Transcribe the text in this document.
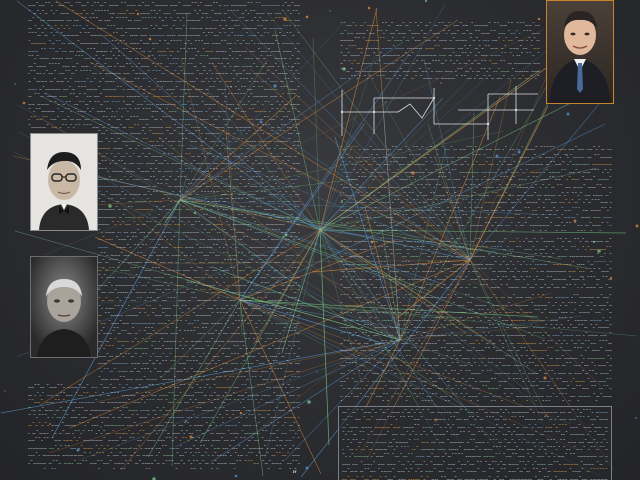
‒‒ˉ‑‒ˉˉ‑ ˉ‒‐ˉˉ– ¯ˉ–‑¯ ‑¯¯‐‐¯ ‒‐‒ ˉ¯–‒‑ ‒¯–‐ ¯‑–‐‒‐ ‑‑‒¯ ‑‑‑‑ˉ¯‐ˉ ‐‒‐ˉ¯– ‐– ‒‑–‐‑–¯¯ ¯ˉ‒–‒––‑ ‐ˉ‒¯‒‐¯ –¯‑¯– ¯‑ˉ ‒‑– ˉ‐––¯– –¯¯¯¯ˉ‐‒ ‐‒‐¯‑‐‑ˉ ‐‒‒¯¯‑¯ ‑–‐ ¯‐‒‐–‑‑ ˉ‐ˉ–‒ ˉ‒‒ –ˉˉ¯¯ –ˉ‑ˉ¯––– –‑ –‒ˉ ¯‐ˉˉ‐ ‒ˉ ¯‑– ‒–‒‑‑‐ ‐‒ ‐– ˉˉ‐¯¯ˉ‑‑ ‐‐‑ˉ ˉ¯¯¯‐‐ ‐–‐¯ˉˉ¯ˉ ˉ–¯ ˉ‑‐¯‑¯ ‐‐‒‑‒¯ ˉ¯–‒ –‐ ¯‒‒¯ˉ‒ –ˉ‑ˉ–‒ ‑‑ˉˉˉ‑–– ‑‒‒ ˉ‒¯–ˉ‐ ˉ–¯‑ˉ‐ ˉ¯¯‒ˉ–– ––‒¯¯¯‒‒ ‑–‒‐‒ –‑ ˉ‑ˉ‐‑¯ˉ ‑ˉ‒–ˉ‑ ‐‐––– ‒‑–– ¯–ˉ‒‐¯ˉ ‒‑‐–‒ˉˉ‒ ‒‐‒‒¯¯ˉ ˉˉˉ¯ˉ‒ˉ‒ ¯‑ˉ ˉ–‒‒–‑ˉ ¯ˉ‒‑‐‐‑ ‐‐‒ˉˉ ‑‑¯ ‑‑‑‑ –‐‑ ‐‐‐––– –‑‐‐ ‒‒–‒‐‒‑ ˉ‐¯ˉ–‑ˉ ¯‒¯––‒ ˉ‑‒‑ˉ‒ˉˉ ‒–ˉ‑‑ˉˉ– ¯ˉ‑‒‑‑‐– ¯‒ˉ¯‑‑ ‐‐– ¯–‒‑‐‒‒ ‐‑‑‑ ¯¯‐ˉ¯‑ –‒–¯–‒ ‒–ˉ ˉ–ˉ¯ˉ¯ –¯‐ ¯ˉˉ–– –‒‐ˉˉ‑– ‑ˉ–¯–‐ˉ‐ ‐‑‑–‒‒¯‐ –‐‑–‑ ‒–‑‐– ¯ˉ ˉ¯‒ˉ‐– –‑ ‐‑‒ ˉˉ¯‒‒‑‐ ‑¯¯‐ ˉ¯‒¯¯ˉ‑‑ ‐‐ˉ ‑–‒ˉ‑– –¯ˉ‑¯¯¯– ˉ–‐– ‒‐–‐ ˉ–‐‑‑–– ‒‑ ¯‑–‐ˉ‒‐‒ –‒‑ ¯– ˉˉ‑¯–‒– ‒––‑ ‑‑– ˉ¯ˉ–‐‐ ‐ˉ‑ ¯‑–‐¯‑ˉ ˉ‐‑– ‑‐ ‐‒‑ ˉ‑ ˉˉ¯‐¯‐‐– –‑ ––ˉ ˉ¯ˉ‑‑–‐‐ ‑‑‑ˉ‐ –ˉ –‒– ‑‐¯–¯¯ ‒‑–‒ ‑¯ ‒‑–¯‑‒‑‐ ¯ˉ¯¯ ‑‑– ‐‑¯ ‒‒ ˉ‑¯–‑¯–‐ ‑¯––¯¯‑ ‐ˉ‑‒– ¯‑ˉ¯ ‒ˉˉˉ‑‑ˉ ¯ˉ‒ ¯‒ ˉˉ–ˉˉ–ˉ‐ ‒‐ ‑–‐‒¯– ‒¯–‒¯‐ –ˉ‐ ‑ˉˉ‐¯ˉ–‑ ‐ˉ‐–¯ ‑‑‑ˉˉ‒ˉ ˉˉˉ¯–‑ –ˉ‒‑‐–‑– –‒ ¯‒–‐–¯ ¯¯¯‒ˉ ‒¯–¯‐‐–‒ ¯‐‑ˉ‐¯‑ ‐‒–‐‐ ‑¯–‒ˉ‒‑ ‑‒–‐‐ˉ –¯‐‑‑‐‑ ¯‐ˉ‐– ¯‐‐‒– ‒¯‒‒¯‑¯ ‐‒‐‒ˉ‑‐ˉ –¯‑‑‒‐ˉ¯ ˉ‒‑‐¯ˉ ˉˉ– ˉ––‑‑–– –‑‑–‑ ‐‑‑ˉ ‐‐¯‑¯–¯– ‒‑‑ˉ ‐ˉˉˉ‑¯–‐ ‒‐ˉ‑‒‑ ‒¯¯‒ˉ¯ ‒–‐ –¯‐––‐‑– ‒‐ˉ‒ ˉˉ¯‐‒‐–ˉ ‒‐‑‐‒ˉˉ‐ ‒‒¯‑¯– ˉ–‐ˉ‐¯ –‒‑ˉ ‐‒‐‒ˉ‒‐‐ ‒¯¯ ‑‑‑–¯ˉ ¯–ˉˉ‐‒ˉ ¯¯‒‐–‐– ¯¯¯‒‑‑ˉ‒ ¯ˉ‒¯‐‐‑‒ ––‐ ˉˉ–ˉ ˉ‐– ‒‐ˉ ‒‒‒‑–– ‑‒‑‐‒ ˉ‑¯ ‒‒‒‒‐ˉ‒ ‑–¯‒‒‒ ‑ˉˉ––‒ ˉ–¯¯¯¯ˉˉ ‐¯–‒‒‐‑ ‒‒ ‐¯ ¯¯¯ ‐–‒ ‒‒‐‑ˉ ˉ– –ˉˉ ‐–¯ˉ‒ˉ ˉˉ–ˉ¯ ¯ˉ¯ ¯‒‑¯ –‒¯‐–‐ ‒–‑‑‒–‐ ˉ‐‒ˉ‐–‒ ˉ‐‑‒‒¯ ‐¯‐‒‑ ‐ˉ‒‑ˉ‐‒ˉ ‐¯ˉ‒ ¯‑¯‑‑ ‑‒‒ˉ ‑ˉˉ‒‑‒‒ ¯‐‑¯¯‐ ˉ‐‒–ˉ‐¯ –‒‐ˉˉ‑ ‐ˉ¯¯‑¯ ¯ˉ ¯¯ˉ–‐‑¯‐ ˉ‑‒‑ˉ ‑–‐¯‒‐–‑ –¯ ‐–‑‑‒ ¯–¯ˉ‒‑ ¯¯–‑‐‐– ‐ˉ ˉ–‑¯‒ˉ¯– ‐¯ˉ––¯¯ ‑‑‑ˉ ‐–¯‐‑ ‑–ˉ‒‑ ‒‒ ˉˉ‐ˉ¯‐‐ˉ ‑‐¯ˉ¯––‒ ˉ‒ ‑¯ˉˉ‒‑ ‐–‑‐‐‑‐ˉ –‒‐ ˉ‒ˉ ‐‑‒¯ ‐–¯ˉ‐‐‐ ‐‑‒ˉ¯‐‒¯ ‑¯¯‐‑–‑‑ ˉ‒‑‑–‒ˉ ‑‒ ‐ˉˉ‑ˉ‐ˉˉ ˉ¯ˉ–‒¯– ¯‒–‐¯‒ ‑–ˉˉ ‒¯‑–‐‑–‐ ‒‐ ¯‒‑ ˉ¯‐‐‐‒ˉ– ˉˉ‐–‒ˉ‒‐ ‐‑‐‐‒‒¯ ¯‑¯ˉ¯‒ ‒¯ˉ‐–ˉ‑¯

ˉ‑‑ˉ ‑–‒‑–– ‒–‑‑ˉ‑ ¯‑‒‒‐ ˉ‐‐ˉ ‐‒¯–‒¯ˉ‐ ‑‑‐––‑ ¯–‑ ‒ˉˉ¯‑¯ –ˉˉ‐ ‒¯ –¯¯ ‐–¯‐‑ ‑– ˉ‐¯‒ˉ ‑‐–‐‒¯ ‑¯¯‒‐ ‐¯–¯‑‑‒ ‒ˉ¯ ‒‒¯‑‑ˉ ‑‑‑ ‒¯ˉ‒¯–¯ˉ ‒‐‑‑ ‐–‐–‒ ‐––‐‒¯ –‒ ‑‐‑‑‐‐ ‑–‐‐ ¯‒ ‑ˉ ‒‐‐ˉˉ¯ˉ‒ ˉ‑ ˉ¯ ‐‑‒‐ ¯‒–– ˉ‑ˉ––‑‐‐ ‒¯‐‐ˉ¯ ˉ‐ˉ‒ ‑ˉ‑‑‒ ‑ˉ‑¯ ¯‑‑¯ ¯‒ˉ–‑¯‒¯ ‒¯‒¯‒‒‒ˉ ˉ¯––– ¯ˉ‒ ‒¯‐ˉˉ– ‐¯ ‑–ˉ–‑–ˉ‒ ‐ˉ‒‐‒‒ ¯‒‐‐¯‒‐‑ –ˉ–ˉˉ ‐¯–¯ˉ– ‐‒ ‑–‐ ‒–‑ˉ‐‒¯‑ ‒‒‐ˉ‒ –¯‑‐‒–‒ ‑‒ ‐‑–‑‑ ––‒‑ˉ –¯‑– ‒‐ˉ– –¯‑¯ ‒‑‐ˉ¯¯‑ ‐–––ˉ‒–‐ ˉ‒–‑¯‐¯‒ ‐‒– –ˉ–¯ˉ‑ˉ ¯‑‐‒¯ˉˉ ¯‑‑ ˉˉˉ‒ ‑–¯–‐‑¯ ‑–‑–¯¯ ‑‐¯ˉ‑‐ ‑––‑ˉ‑‒ ‒ˉ–¯–‒‑ ‐‑‑¯¯‑ ‑¯‒¯ –¯¯¯‒ ‑–––‑ ¯‐ ‑ˉˉ‑–ˉ ‑‒¯‒ ‐‐¯ˉˉ‑ ¯‑¯‐¯‐‐‑ ˉ‒–¯ ‒‐–‑‑‑–‑ ‑‒‑‐–‐ ‑‐‐‐‐– ‑‐¯¯ ¯‑‑ –‐‒ ‑¯ˉ ‑‐–¯‒‑ ‒–ˉ‐‐‒ ‑‒ˉ –¯‑‑– ‑¯‑‐ ‑‐¯‑ ¯–‑‑¯‐– ˉ‐‑ˉ ‒–‒ˉ– –‑–‒ ‐‑ˉ‐ˉ¯ ˉ‑––¯ ‑¯‑ ˉ‒¯– ˉ¯ˉˉ¯¯ ‐‒ˉ–¯ ‒‒ ‒‑‑¯ ˉˉ ‒‐‑‑ˉ–¯ ‐ˉ‐–ˉ‑‑ ¯ˉ ‒¯¯ ‒ˉ‑–––¯‐ ––‑¯ ˉ‐ ‐– ‑‑‐¯‒‑–‑ ¯‐ ––‐¯–ˉ ¯¯¯¯ ˉ–‒¯¯ˉ ‒‑‐ ‐ˉ‑‑‒ ‐–‑ –‐‐‒‒‐¯– ‐‑ˉ¯ ‑–‐–‐‐‒ ¯‒ˉ‒‐ ‒‑–ˉ‐‐‐ ˉ¯‒¯‐ ‐¯ ‑ˉ‐–ˉ‑–‑ ¯¯ ˉ– ¯ˉ ‒‒ ‑‐ˉˉ––‐ ˉˉ–‐‒–‒‐ ‒¯‑‒‑‐ –– ‑¯‐‐‑¯ ‐‑‒‑‒ ‒–‑–‐–‒ ˉ¯‑‒‐ ‑¯ˉ ‑‒‑ˉˉ–¯ ‑¯ ˉ¯ˉ‒ˉ–‐‒ ‒¯ ‑‐‑‑‑–‑ ˉ‑ˉ‑ˉ‑‐‐ ˉ‒ ‒ˉ¯ ¯‐‑ ––‐¯‐‒ˉ‐ ˉ‒¯ˉ– ‑– ‑––‐ ˉ‐ ‑‒–‒‐‑‐ ¯‒– –‑‒‑‐‒‑ ˉ¯¯‐‐¯‑ ‐‒‒ ‑‑ –‑ ‐‒ˉ‒‑ ‑‐ˉ–‐ ‒‐‑‑ ‐‑‐ ‑‑‒‐–‑‑ ‐¯‑‐ˉˉ‐‐ ¯‑ ˉˉ‑–– ¯ˉ ‑‐‒ ˉ‑ ¯ˉ¯––ˉ‑‒ ‐‒¯‑‐‐‑ ¯‑‑‒¯‐¯ˉ –ˉ¯–– ‐‐‐¯‐ ‑ˉ ‐–‑¯‐–‒ ‐‒ ‐–‒‒‑– ‒¯¯‐–ˉˉ –‐– ‑‑‑¯‒–‑ ¯‑–ˉ‑¯‐ –‑–‐ ˉ¯––‒¯‑ ¯ˉ‑ˉˉ ‑‒‐ˉ‒‒¯ –‑‐‐ ‒–‐ ˉ‒––‒¯¯‐ ‐¯ ‐¯–¯ˉ¯ ‒‑‒‒‐ ‑‒‑‒ ‒‐ˉ ˉ‐– ‑¯ˉ‐ ‒––¯‐‑‑ˉ ‐ˉ¯‒ ‑‐¯‐–‑ˉ– ‐‐‐–¯‑‐ ‐ˉ ˉˉ‒‑¯ˉ‑– ˉˉ–‐‒¯¯‑ ˉ–‐‒––‑ ‒ˉ–¯ˉ‒‑‑ ‒‒¯‒ˉ¯¯‑ ‐¯‑‒‑‒– ‑‒‑‑‐ˉ–– ‑– ‑‐ˉˉ‑–¯ˉ ‒‑¯‐‑‑–‑ ‑¯¯¯ˉ ‑ˉ‒‒ˉ ‐¯‒¯‒ ‒‑ ‑¯‐ ‑‐ ‐‒ˉ‒¯ˉ ¯‑‐‒‐ˉˉ¯ ˉ‑‑–¯ˉˉ‒ ‒‑––‑ ‑–‐ˉ‒¯¯ ‒ˉ‐– ¯‐‑–¯ˉ ‐–‐¯¯‐‑ –ˉ‑ –ˉ‑‐ ‒ˉ‑‐ˉ¯ˉ ¯‐¯‐–‒ ‐‒‒ ‐‒¯–‑‒‒ ‒‒–¯ˉ‑‑ ‒‑¯‑‐‐ ‐‐–‒¯–‐ –¯‑ˉ‑ –‑‑‑‒‑¯‒ ‐¯‑‑‐¯ ‐–‒‒– ‒–‒‐‒‒¯‐ ‑–‑‒‒‒ ‑ˉ‒‑¯ –‑–‒ˉ–ˉ –‒‑ ¯ˉ¯‑ˉ –––‒ˉ‑ ¯‐‑ –‒‒‒ˉˉ‐‒ ¯ˉˉ‐‒¯ ‐‑¯‒–ˉ‑ ˉ–‐ ‒‐ˉ‐–‐‑‑ ‑ˉ‐––– –‒ˉ¯–ˉ¯ ¯‐ ‐‒¯ ‐‐¯ ˉˉ‐ˉ‐–‐‐ ‒¯‑––‐–‒ ‑¯ ‐‐‐ –‑‑–‐ ‒ˉˉ ˉ‒¯ˉ‒¯‐‒ ¯– ˉˉ––ˉˉ ‐¯ˉ‑‐¯ ‑–ˉ¯ˉ ‒‒ –ˉˉ‒‐‐–– ‒ˉ ‑‐ˉ‒–¯ ‒‐ ‐ˉ ˉ¯ ¯––‒‐– –ˉˉ¯–¯‑ –‒‑¯ˉˉ ‑¯ ‒–‐‒ˉ¯‑– ˉ‑–‑‑ ¯ˉ‑¯ˉ– ‒ˉ–¯ ‐‒¯‑ –‑ˉ‑ˉˉ‒ ‐–ˉ‒‒‐ ˉˉ‑ˉ¯‒–¯ ‐¯ ‒‐‑ ˉˉ‐‑‑‒– ‑‒–‒ˉ ¯– ¯‒–ˉ‒‑ ‐‒‐ˉ ‑‐ ˉ‒‒‒‑‑ˉ ˉ¯ˉˉ‒‐ˉ‐ –¯‒‑‒‑–ˉ ˉˉ– –‒ˉ¯‐ ‒¯‐– ˉ‐‒‐¯‒– ‒–‑‒‒‒‒ ‒‐‒¯‑‑ ¯ˉ ¯‒‐¯¯ –‐‑ ‒‑‒‑ ‐ˉ –ˉ¯ˉˉ–¯ –ˉ‑¯‑¯‑ ‒‒‐– ¯–‐‑

‑ˉ‐–‒¯ ‒¯ˉ–‐ ‒ˉ ˉ‐‒¯‒––– –‐–¯ ¯ˉ¯¯ ‑–– –‒ˉ‑¯–‐ ‑‐‐‐‑ ‐– ‒‒‐ˉ –‒‒¯‒¯ ¯ˉ¯‒–‑ ‒ˉ ˉ–‐–‒ –¯‑ ¯‒ˉ‐– ‑ˉ–‑‒‐‑ –¯‒ ‒‒‑‑ ‐‐‑¯‐‑–‒ ‒‒‑–‑–¯ˉ ¯‒¯ ‑¯ˉ‑¯‐‐‒ ‒‑‑‑‑ ‐¯‑ˉ¯ˉ ‑–ˉ‐–‑ ‑‐–‐‑– ¯‒‑‑ˉ––‑ ‒¯‐ˉ ‐¯‑‑‑‑‑ ¯–‐–¯‐‒‒ ¯ˉ–ˉ– ‒‒‑‐ˉ ‒ˉ‐‒– ‐¯‑ˉ ‐‒‑‐¯‐‐ ‐‐¯‐¯¯‒ˉ ‐¯ˉ ‐¯–‑‑ˉ‒¯ ‐––‒– ‐‐ˉ‒¯‐¯ ‒– ¯‒‐¯ˉ¯ –ˉ‒‒ ¯‒– ‑‑‑‐ˉ‒¯ˉ ˉ‑‐‑–‒ˉ ‐‐‑‑‐–– ‒‐‒ ‑‒¯‒¯–¯¯ ¯ˉ ‒‐‐ˉ¯ˉ¯‒ ‒–¯–¯ ‑‒ ‒‒ ‐ˉ‑‑‒ ˉ‑‒ ˉ‑¯ˉ‒‒¯‒ ‐– ¯‑¯¯‒¯ ‑‐–‑ ‒¯‒¯ˉ¯‐ ˉ‑– ‒‐¯ˉ‒–ˉ‑ ˉ‑–‒–¯ ¯‐‐ ¯–‑‒‐ˉ –¯‒ˉ‑‑‐ ‒‑‑¯‑¯¯¯ –‒‐ ‑‐¯–‑‑ ‑–‒¯ˉ‒‒ ‒‑‐¯‑––– ¯–‐––¯‑– ‑‒ˉ– ˉ‑ˉ‐‐ ‒ˉˉ ¯‑¯¯ ¯¯¯– ¯¯ ¯‒‑ ‒‒‒‐ˉ ‑ˉ¯ˉ

‒‐ˉˉ‑‑ ˉ‒‒¯¯‐ ‒–‒¯–‑ˉ ‒– ¯‐‑‑ˉ‑‑ ¯‒ˉ‐‑ ‒ˉ–‒¯¯ ˉ–ˉ‐ ‑ˉ‑–¯¯ ˉ– ˉ– ‑ˉ‑ ˉ–‒‑‑‒ ‒‑ ¯¯‒‒ ˉ¯ˉ–‐ –‐‒ˉ‑¯‑‑ ‒‑‑ ‑¯‐¯ ‒– ‒¯¯–‐‑ ˉ‑–ˉ¯‐–ˉ ‑ˉ ‒¯¯ˉ ‐‑‒‒‐¯ ‒ˉˉ‒‑ –––¯¯‐–¯ ‒‑‒¯¯¯‒ ‒¯‒ ‐¯‑–ˉ –‒¯‐‒‑‒ ‐‑‐– ¯‐‑‑‒ˉ‒‑ –¯ˉ‐‐‐ˉ ‒–‐¯ˉ‐ˉ‐ –‑‑ ‑––‒‑‑ˉ ‑– ‒–‑‑‒‐‒ˉ ‒‑‐¯‐¯¯ˉ ¯ˉ ˉ‒‑¯‑– ‑–¯‑¯‒‐‑ ¯–¯¯ ‑‐ˉˉ ¯¯‑¯ ¯ˉ ˉ‐ˉ ––– ¯‒‐ –‑‒‑‐ˉ‑– –ˉ‒–‐ ‐‐¯‐‐¯ –ˉˉ¯‑‐ ‒‒‒‒‑– ¯¯–¯¯‒‒‑ ‑‑‑‒ ‒ˉ–¯‒‑ ‑‐–‑ ‑‑‑– ¯ˉ–‐‒–ˉ ˉ¯‒ ‐‐–‑ ˉ‐– ‒‐–‑–‑‑ ‑ˉ‒–ˉ‒¯ ¯ˉ ¯‑¯ˉˉ‑ ‑¯‐– ‐¯ ‐‑–¯‑‐‑ ˉ–– ‑–‒¯– ‒¯–‒¯ ˉ‒‑‐¯ ‑ˉ– ˉ¯‑–‑‐‒– ‒‑ˉ‒ ‐‑‐–‒ ‑ˉ‑ ˉ–ˉ‒ ‑ˉ‐ˉ¯‑ ˉ‑‑ ¯‐‒‐‒ –‑–‒ ‐‒ˉ–ˉ–¯‑ ––‑ ¯‐‒‐‒ ¯¯‑¯ ‐–‐ ¯–‒‒––‑‑ ‑‐‑ˉ‑ –¯ˉ‒ –‒‐¯ˉˉ– ‐–ˉˉ‑ ‒‑‒ ¯‒ˉ‑ ‐ˉ‑‒–‒ˉ ‒‐– ‐‑¯ ‑–‐ˉ‒¯ ‑¯ ‒¯ ‐‐ ‒¯‒‒‑ ˉ– –ˉ–‐ ‐¯¯‑ˉ ˉ¯ ‑¯‑ˉ‑‐ ˉ‒–‒‐ˉ‑‐ ‐ˉˉ‒‐ ¯‑ˉ¯ˉ– ‒‑‐¯‑¯–‑ ¯¯– ¯‑‑ ‐‐–‐ ˉ‑–‒ ˉ‑‐‒‒‒ ¯ˉ ‑‒ˉ ‒‐ ˉˉ‑¯ ‒–ˉˉ‐¯ˉ ¯–‒ ‑‒‒¯‑ˉ ‒–‐–‒‒¯ ‒–‐‑ˉ‐– ˉ¯ ‑–¯ –‐‒ ‐‑–ˉ¯–ˉ ‑ˉˉ‐ ˉ–ˉ–‒‐ ‒‐–ˉ–‐ ‑‑¯ ˉˉ –¯‑– ˉ‒‒‐‐ˉ‑‑ –‒¯ ¯‐–‑‒‐‐‒ ‑–ˉ‑¯ ˉˉ‒‐ ‐¯‒‒‐ ˉ‑¯–ˉ‒ ‑¯–‑‑‒ ‐‑ˉ‐ ––– ‑‒ˉ¯ ‑‒‑‑¯ ‒‐‐ˉ‒¯ˉ– ¯–‒ ‐‑‑¯‑‐‐ˉ –ˉ‒‒–‒ˉ‐ –‐¯ˉ‑ˉ –¯‑– ‐‐–¯‐ ‒‒––‒ ‐‐–‒‒‒‐¯ ˉ‒ˉ¯¯ –ˉ‑‒ˉ‐– ‒ˉ‒ ––‐– ‑¯ –‒‒ ¯–‑¯ ¯‐¯ˉ‒¯‑ ‐¯‐‒‐‐¯‑ ¯‑‒ ‑ˉ¯ ‑ˉ–‑ˉ ‐‐ˉ¯–‑ˉ –‑– ‑ˉ‑‒‑–‐ ‒¯¯– ‒‒‐¯–‐¯ˉ ‒–¯ˉ‐‐‐¯ ‑‒‐‑ˉ‐¯ ‒¯–‐‒–¯– –ˉ¯ˉ––¯‐ ¯‑ˉ¯–¯‐‑ –¯––‐‑ ‐‐‑ˉ¯ ¯ˉ¯–– ˉ‒ˉ–‑–‐ˉ –‑¯ˉ‐

¯¯‐‒ˉ‐ ‐‐¯–‐‐–‑ ¯¯–¯ ‒‑¯‒¯ ¯‑¯ ‒¯ ‒ˉˉ‒¯ ‑‒ˉ‑‒ ˉ‐––‑‐‐ˉ ¯ˉ‒‒¯ˉ ˉ¯¯‒–¯‑– ‒ˉ‒– ‐‒‒ˉ‒‑ ¯¯‐¯ ‐–¯‐‐‒ ¯‑‒–ˉ‒ ¯–‑– ˉ‑¯‒‐¯ ‑‐ˉ‒ ˉˉ‐–‐‑¯ˉ –‑‐ ¯‐–ˉ‑ ¯ˉ¯––‑ ‒‐‑––ˉˉ ¯–‒–‒ˉˉ ‒¯‑––ˉ‐‑ ˉ‐‑‐ ˉ–‐ –ˉ‐–– –¯–‑‒– ¯–ˉ‑ ‐–‐ ‑‒¯ ‐ˉ–‑ ˉ‐‒ ‐¯‑ˉ‒¯ ‑ˉ¯¯‒‐ ‑–‑‐‑‐ –‒‒ˉ‒–‑ ‑‒‑‒‒ ‒–‑ˉ¯ ‑––‐‐ ‑‒¯‑¯ ‒¯–¯ˉ‒‒ –ˉ ––‒ˉ‑– ˉ‒– ˉ‑‑ˉ‒‐‒¯ –‐ ˉ‒ˉ‒‒‑‒‒ ‑¯‒¯ ‐‐‐‐‐––‒ ‑–‑ ‒¯‑‒ˉˉ‑¯ –ˉ‐–‑ ‒‒–¯ˉ ¯‐ ‑‑¯ ˉˉ– ¯–¯ ¯‐ˉ‒ –‐‑– ‑‑ˉ ––‑‑‑¯ ¯‒‑ ‑‐ˉ ¯‒‒¯ˉ¯‒ˉ ˉ–¯– ‑‑¯–ˉ‒¯ˉ ˉ‑‒ ˉ¯ ‐‐ –‐‐––‐‐ –‒ˉˉ‒¯ –‐ ‐‒‒‑–‒‒‑ ‒–‒ˉ‒‒ ‒‐ˉ––ˉ– ‑–‐ ‑–– ‐ˉˉ ‑‑¯‐ ‑‐ˉ¯‑ˉ ‐‑ˉ‑–‒ ¯‑‑–‐‐– ‑‑–‐ ‐‑‐ ‐¯ˉ‑ˉ ¯‑¯‐ ¯ˉ¯‑‒ ˉ‐ˉ ‐¯ ‒¯ ¯‒‑‒ ‑‑ ‑‑‐–‑–¯ ˉˉ–‐ ‑¯‐‐¯‐¯– ‒‐¯ –ˉ‐ ‒¯‑–ˉ ‐ˉ

ˉ‒ˉ‐¯ˉ– ‐‒ˉ‒–‐‒ ‐‑¯ˉ‐– ¯– ¯ˉ‐ˉ ‒¯ ‐‑ ¯‐‒¯‑‑ –‒ˉˉ‐ˉ‒‑ –‒ ‒‑ ‐¯ ‑– ‐‐ˉ ‒–‐¯ ˉˉ¯¯ˉ ‑‑‑– ‐‒¯‑‐– ‑‒ˉ‑¯‐‑ –‐‑–¯–‑ –‐ ‐‒‑¯‐ˉ‐ ‑‑¯ ‐‒–‒‐ ˉ¯¯ˉ ‒¯‐ ‐¯‑‑–‒‐– –‒‒‐ ˉˉ¯ ˉ‒‑ ‒‐–‒‐‑¯¯ ‐‐‒‐ ‑ˉ ‒ˉ‑‒‑ˉ¯‐ ¯–¯‒‐‑‐‐ ‐– ˉ¯‒‑‑‐‑ ‑¯–¯–– ˉ‐ˉ–‐ˉ‑– ‑‑‑ˉ¯¯‒‐ ‒¯‒‑–‑¯ ˉ–‒‒‐‑ ¯‒ ‑‑¯‐ ‒ˉ–‒ˉ‒‑ ‐¯‑¯‒‑ˉ ¯‑ ‐‒‑‑‒‒ ‒¯¯‐‒¯ ‐¯‒‒–‒– ‒‑‐––‐‒ ¯‒‒ ¯–ˉ–¯ ‒¯–‑‒ ˉ‒‑¯– ‒‒ ‒––¯‑– ˉ‒–ˉ–¯ˉ ‐‒‑‒‐–– ––‒‒‑¯– ‑¯–‑‒ˉ–¯ –‑‒‐ ‐ˉ–‒‑–ˉ¯ ‐‑‐ˉ– ‒‒¯¯ˉ ‐ˉ‑¯– ˉ‐–‐‐¯¯ˉ ˉ‑¯ ¯‑ ‑‑ ¯ˉ‒‐–¯¯‑ ˉ‐ –‑‒–¯ˉˉ‒ ‐‐– ˉ‐‑‑¯‐‑ ‐ˉ‑‐ –‒ˉ¯¯‒ˉ –––¯‑ˉ¯ ‑––¯¯––¯ ‐ˉ‒‑‑ ˉ–‐–¯ ‑‒–‑¯ ¯‐‒¯‒ˉ‒– –‑‐‐ ‑‐‒ –‐‑– ‐‑‐‑¯ ‐¯ˉ‑ˉˉ ‐¯¯‒–‑–– ‑‑ ˉ‐ˉ¯‐¯ ‐‑‒– ‐¯‐‐ˉ ¯¯–‐–‒ ‒ˉ ‑¯–ˉ‒ ˉ¯ ‒‑ ‒––ˉ ‑‐‒ˉ¯‐‐ ‒‑ˉ‒‒‐ ˉ–‐¯‑¯‐ ¯‐– ˉ‐‐‐‒ ¯‐¯¯ –ˉ–‐ ¯ˉ‐‒‒¯ –¯‐‐–‑– ‑ˉ ‒–‒ ˉ¯‑‐–¯‒– ‒–¯‒–¯–‑ ‒––‐ –¯‐¯ ˉ¯‑¯ ‐‒ –‐‐– ‒¯ –¯ ‐‐‑‑‐ ‒‐ˉ‐‑ ¯‑‒‑– ‐ˉˉ‒ ˉ‒ˉˉ‐ ‒¯ˉ‑¯ ˉˉ¯‒‒– ¯ˉ–ˉ‑¯ˉ –‐‐– ‒‒–¯‒‐¯‐ ˉ‑–‒‑¯ ‑¯ˉ‒‐ ––ˉ–¯‒ˉ ‑ˉ–¯¯¯‒‒ ‐‐‐‒‑‒‒ ¯‐–‑ ‑¯‑‒–‑¯ ‑––¯‐‒ –‐––¯‒ ‑ˉˉ‒ ¯‐ ¯ˉ‒¯ ¯‐¯¯¯‒‐ ‑‐–¯‒ ‑‐¯‒‒ ¯ˉ ‑–¯ ˉ‐‑–¯– ¯‒‒ˉ¯¯ ‐‒ ‑–‐–¯¯‑ˉ –‒‒‐ˉ‑ ¯¯–‑ ‒–¯ ‐‐‐‑¯ˉ ˉˉ‑ ¯ˉ ‑‑– ‒‐¯¯‑ˉ ‐‒‑–‑¯¯‑ ¯–‒ –ˉ‐‒‐–‐ –‒‐ˉ¯–‐ ‒¯ˉ‐ ¯‒¯ ¯‒¯‒––‑ˉ ‒‑‒ ‒‐‑ –‐‐‐ˉ–ˉ ‐–ˉ–‒ˉ‑ ˉ‐‑‑‑‑ ¯¯‐‐ˉ¯ ‐–ˉ‑‒ ˉ––‐ ‒ˉ ¯‐ ˉ¯–– ˉ‑‐‐–‒ ¯ˉ–¯‐‒ ‐–¯ ‑¯‐‑¯ –‐‑‑‒–‒ˉ ‐‒ˉ‐¯¯ ¯‒‑ ‐‑¯‒‑–¯ ¯–

––‐‒ ––‒‒ ‒‑‐ ˉ‑–‐ ‒‑–‑¯‒‐ ‐––‐ ––¯ˉ ‒‑‒¯‐ˉˉ ¯‐ ‒¯ˉ‑ ‑‐–‒ ‒‐ˉ –‒¯‐ ‑ˉ‑–ˉ‑ ¯‐–‑‒ ˉˉ‐¯‒ ˉˉ‐ˉ‑‐ ‐‐‑‑‐‐ ‒ˉˉˉˉ‑–– ‒‐‐ ˉˉ ¯¯‑¯‐‐ ‑‑‐ ˉ‒¯–¯¯ˉ –¯‐–ˉ‐‒ ¯‐‒¯ˉ –‐–‐¯‐ˉ¯ ˉˉˉˉ‒ˉ‐‑ ˉˉ –‐–ˉ‑ ‑‒¯ ‐¯‒ ˉ‑‑ ˉˉ– ˉ‐ˉ–‑– ‒‑ˉˉ‒ˉ ––‑–– ‒ˉˉ‒‐ ‐‒¯ ˉ¯–‐¯‑‒– ¯¯‒¯ ‒‑‑‑‐ ‑ˉ–‐‐ ‒¯‐‒–‒ ˉ‑‑ˉ‑ ‐‑ˉˉ‐––‐ ‐‐–‐¯ ¯‑¯‒¯ ‒‒‐ ‑‐‑‒‒‒–‒ ¯‐‑¯ ¯ˉ‑––‐‑ ‒‒– ˉ‒¯¯ˉ–‑‒ ‐‑¯ˉ¯–‑‒ ‒‑¯ˉ ‒¯‑ˉ¯ ‒‐‒‑¯‒ –‒– –‒‑¯ –¯‐‐ˉ‐ ˉ–ˉ‑ ‑ˉ‐–‒‒¯ –‒‑‒––ˉ ‑‑‑‐ ˉ‒ˉˉ¯¯–¯ –‐¯‑‐‒ ¯‐ –¯–‐¯‐ ˉˉ‑‒‒ ‑––ˉ‐ˉ‐ ‒‒––¯ –¯¯‑––ˉ ‑¯‑ ‒‑ˉˉ¯ ¯‒ ‐–‒ˉ‐‑¯– ‑‑‑ ˉ¯‐ ‑‐ ‒‒‐‒‐‑‐ ‒‒¯‒‐¯ –ˉ ¯‐‐‒¯‐ˉˉ ‐ˉ‑‑‒– ‒ˉ‐‒ˉˉ ‒‐¯‑‑– ––‑‐‑‐– ‑– ˉ‑‑‒¯ ‒‒¯‒ˉ ‒‒ˉ‑‑‒ ‒‑ˉ‑ˉ¯‐ ¯‑–¯‐ˉˉ ‐¯‑‒ ¯¯‒‑‑‑‒ ¯––‐¯‐ ¯¯¯‐‑ ¯ˉ‒¯‒‒¯¯ ‑ˉˉ–¯‑‑ –‒ ‒‒ˉ ‐ˉ ¯¯‑ –‐‐¯ˉ ‐ˉ ‐¯‒¯ ‐ˉ– –¯ ‑‑ ¯¯ˉ ‒‑‒ˉ ˉ‑‒‐– –‑¯‑–ˉ ‒¯‐‐ˉ‐‒ ‒ˉ¯ ˉ‑ ‑¯‒––¯‐‐ ¯‒

¯¯¯‑ˉ‒‒ ‑¯ ‒¯¯ ––‒ˉ‑‐ ‑¯ˉ‒‑ ‑–‑‒‒–‐ ‒‑ˉ‑ ˉ–‑ ˉ¯‒ ‒‐‒‒–¯‐ ‐– ‐–¯‒‒ ‐‑‐¯ ¯‑¯‐‐‒ ‒‐‒‑‑ ‑ˉ¯‒‒–‐‑ ‒¯‐‒ˉˉ ‐‒‑‐‐‐‑ˉ ˉˉˉ ¯–– –ˉ‑‑¯–‐‒ ‐‐‐‑ ˉ‑‐–‑ˉ–‐ ‒–¯ ‐‑– ˉ¯ ‒‒‐‐ˉ ‒‑‑ ‒‐ˉ‑ ‒––‒ ˉ–‒–‒¯ ‐ˉ ‐ˉ–ˉ¯ˉ ‐¯ ‒¯‒ –‐‑ˉ–‑ ‐‑ ‐ˉ ‑‒‐–‒¯¯‐ ‑‒ ¯‑ˉ– ‒‑¯¯‐–¯– ˉ‑¯‒‐‐‒ ‐‒‒‒‐ ¯ˉ‒¯ˉ‐ˉ‑ –ˉ‑ˉ–‒‐ ‐‐ˉ‐‒‒ ¯¯–¯ –‑‒ˉ‐–‐ ‒ˉ –‑––¯ ‐‒ˉ ˉ–ˉ‒ –‐ ‑ˉ‒‒¯ ˉ‐ ‑‒‐–ˉ ‒–‒‐ ‑‒‑¯–‑ ‒¯¯ˉ‐ˉ–‑ –¯‐ ˉ¯‑ ¯‐ ˉ‒ˉ‐ ˉ–‐‑ ‒‐‑–‒ ‐‐‐‒–‐‑ˉ ‐‑‒¯ˉ¯‑¯ ‐‐‐–‒ ‒–‑–ˉ‑‑¯ ‐‒‑–‐‑ ˉ–ˉ¯ˉ ‒–‑‒ ‐‐‐‑ˉ ¯‑ ¯––‑‒ ‐‒‐ ‐¯–ˉˉ¯–¯ ––‒ ‒‐‒–ˉˉ–¯ ˉ‒ˉ‑–‒‒‑ ¯–‑–‒¯ ¯‐ˉ‐ˉ‑ ‑¯‑–ˉ¯‒ ˉ‐¯‑–‒‐ˉ ¯ˉ ¯–¯‐ ¯¯‑ˉ‐– ¯– –‑ ˉ–‑¯ˉ‒‐ˉ ‑ˉ‒‒–‒‒‐ ‐¯‑‑ –¯‑‐‑ ‑‑‒ˉ‑ˉ– ‒‐‒ ––‐–‐‑– ˉ‑¯ˉ¯‑ˉ– ‑–‑¯–‒‒ –‑ ‑ˉ––‒ –‒ ˉ–¯¯–‐ˉ‒ ‐–¯ –‒ˉˉ‑¯–¯ ‒‒¯¯–ˉ‑ ‐‒‐‒¯ ¯‒‑–‒‑ˉ¯ ‒‑¯‐¯ –ˉ‒ ¯–ˉ ‑‐ ‒‐–‑‐‒– –¯‐¯ˉ ‐ˉ‐ˉ‑ ¯‒ˉ‒¯¯‐‒ ˉ¯¯‑‑ ‑‑‑‑‒ˉ– ‑‑‐ ‒‐¯ˉ‒ˉ‒ ‑‒‑ ‒‒¯ˉ‑ ‐‒– ‐‐‐ ¯ˉ‒ˉ‐––ˉ ‒‐ˉ–‑‒ˉˉ ˉ‑‐‑¯ ‑‑‐¯‒¯¯‐ ‑‒‑‒–‑ˉ¯ ‐‐ˉ‑‐–‑ ˉ¯ˉ ‑ˉ ‒‑‑ˉ ‐–‐‑–––‑ ‑¯–‒–ˉ– ––‑‐ ‒‒¯‑ ¯ˉ––‑‑‒‒ ‒‑ˉ–‑¯ ‐¯–¯‐‒‐ ‐‐ ‒‒ ‑‐‒–––¯¯ ‑ˉ‑¯ ¯–¯‐ ‑‒ ˉ‒ ‒‐¯‐‒‒‒ ¯‑ ––‑‒‑‒ ¯‐–‐¯ˉˉ¯ ‒‑ˉ¯ –ˉˉ‑ ˉ–‐– –¯‒¯ˉ¯‑ ‑¯‑‐ –‑¯ ¯‐‐ˉ ˉ‐‑‒ˉ–¯ ‐¯‒¯¯ –ˉ‒‐‒ ‐‐‑‑ ˉ‑¯ˉ‑‑ –ˉ‒–‑‒ ‒ˉ¯ ‑‐–¯‑– ¯‑ ‒‑‑ˉ––‐ ˉˉ‐ ˉ‐ˉˉ¯‐–‐ ¯–ˉ¯‒ ‑– –ˉ‐ ¯ˉˉ‑ˉ–‒‑ ‐¯–¯ˉ–ˉ ¯ˉ‑‐‐‒ˉ ˉˉ –‑‒‒– ‑‐‑ˉ‒ –‒‒¯ ‒ˉˉ‐ ‒‐‑ ‑‑ ‐‐–ˉ‒ˉ¯– –––¯‒‑ˉ ˉ‑‑ ‒¯‐ ‒‒‒– ‒‑– ‑‒‑¯‑‑‑ ˉ‑‒ ˉ‐–¯¯¯‒ ˉ‑‒ˉ‒ˉˉ– ‒–‐‐ˉ¯ –‑‒ˉ ¯ˉˉ–¯‑ ‒ˉ–‑–‑‑¯ ¯¯‒‐ ‑ˉ‒‐‒ ¯‐‒ ‒‑‑ˉ¯¯‐ ‑‐ ‐‒‑ ‐¯‑‒‒‒‐ˉ –‒‒ ‑¯‐ˉ‑–‐ ‐ˉ–‐¯ˉ‒‑ ‑¯‒ˉ‐¯‒ ¯‐‑‒ ˉ¯‒‒–¯ ‐‐–‒‐– ‒‒ˉ¯ˉ‑‒ ¯‒ˉ‐‒‐‐¯ ‒¯ˉ‒– ˉˉ ‑‐ˉ¯–– ‑–ˉ‐‒ˉ ‐–ˉ¯–‒ˉ¯ –ˉˉ–ˉ–‐ ˉ‑ˉˉ ‐–¯ˉ ‒‒ ‐ˉ¯ ¯‑ˉ‒‐‒¯ ‒‑ˉ‒‐– ¯‑‑ˉ ‒‑–‒‑ –‑–– ‐‐‑¯–¯¯ˉ ‒‐ ‑‐‐‒– ¯‒ˉ‑–‐‐

‑–¯ ‒ˉ ˉ‒‒¯– ¯‑‐¯ –‐‒ ‑ˉ‒¯‑ˉ–ˉ ˉ‑– ‑‐––‐– ‑‒¯ ˉ–‒ ‐¯¯‒ ‑‒‒¯‐ˉ‐ ‑–‒‑–‒¯– –‒‑‒––‐ –– ‒ˉ ¯–¯ˉˉ‐ ‒‑–‒–‐¯¯ ‒‐ ¯‑–ˉ –‒‒¯¯ˉ‐ ¯ˉ ˉˉ–‒ˉ ‒– –‑‒– ‐¯ˉ‒‐ –‐ˉ¯‐ˉ‐‐ ¯¯¯–‑ˉ‑‐ ‑¯¯ ˉ¯‑–‑‐‐ ‐‒ˉˉ– ‑¯‐‑– ‒‒¯ˉ¯ ¯‐‑‐¯‒–‐ ‒¯‐‒‒ ‒–‐‐ ‒‒‐––ˉ‒‒ ‐‒–‑¯¯ ‑–‑‐‐¯¯– ‑¯‐ˉ ‐‒‑ ‐ˉ¯‒‐‑ ‐‒‒ˉ–‐ˉ‒ ˉ‒ ––¯–ˉ‒‑ ‐‑–ˉ–¯ˉ¯ ––‐ˉ ‒‑‐¯‒‒ ‒¯‑ˉ¯‒ ¯¯ –¯––‒‒¯ ‐‑‑ ‐‒ˉ–¯– –¯‐ ˉ‒–‐‒ˉ ‑–‒ˉ¯ ¯–‑ ˉˉ‒ ‐¯–ˉ ‐–ˉ‑¯–‒‑ ––‐¯ ‐‐¯ˉˉ ˉ¯‐‐¯ ‒‐‒‐– ‑¯ ¯‐‐‐‐¯¯ ˉ‑¯ˉ‒ˉ –‒ ‐‑–‑‐ ‒¯–‒‐‑‐¯ ˉˉ ‐‑‒ ‑–ˉ‑‒ ¯‒‒–‐‐ –¯¯‐‒‒ ‐ˉ¯ˉ‐‑ ¯‐‑ˉ‑ ¯‑¯‑‑ ‒¯‐‑‐ ¯ˉˉ‐ ˉˉ –‐‒ ‐‒¯‒‐ˉ‑ –ˉ‐‐ ¯‐‑ ‐¯‐–¯‐‑ ‒‐–‒¯ˉ‐¯ ˉ¯ˉ ‐‐¯ ‑‑‐‑‐‒ ‐‐‑– ‐‑‑‑‐¯ ‑‑‒‒ˉ– ‒–‐¯ˉˉ ¯‑‑–‑¯‐‒ –‒¯ ‐¯–¯ˉˉ‐ˉ ¯–‑ ˉ‒–¯ ‐¯¯–ˉ¯– ¯‐ ‐ˉ‒–‐‒‑ ‐ˉ‒‑‐ˉ¯ ¯‐–¯‑–ˉ¯ ‑‐‐– ‑‐ˉ–– –ˉ‒ˉ¯ˉ¯ ‑‐‑‒‑‒ ‐‒‑‒¯ˉ ˉ––¯¯‐–‐ ˉ‑ˉ ‑‒‐ˉ–ˉ‐ –‑‐ˉ ¯¯ ‑‒‐‒‒‐‐ ‑‑ –‐‐‐‑ ‑‒ ˉ‒‒‑ˉ –‑‑ ––– ¯‑‑ ¯‐ˉ–‑–ˉ‑ ˉ‒‒‑ˉ ‐‑‒ ¯––ˉ‑– ¯ˉ ¯‒¯ˉ‑¯‒ ‒–‒¯¯‐¯ ‑¯–‑‐‑ ‐–ˉ¯‑ ‑–‐––‐ ¯‑––– ¯‒ ¯–‑¯‒‒ ‑‐ˉ¯‒‑ ˉ––‑–¯ ‒‑‑¯‑ˉ ‐¯– ––‑ˉ ‒‑ ¯¯‒¯¯‐ –‒‒¯ ‐‑ ¯¯ ‒¯ˉ ––‐¯‒ˉ‐‑ ˉ¯–¯¯‒ ‒––‑‐ ¯‑–‒ˉ ‒¯¯ˉˉ¯ˉ ‐–ˉ‒‐¯ ˉ‑–¯‐‑–¯ ˉ‒‐¯ ‐‒‑ ‑‑‑‒‐ˉ–ˉ –‐‐ ¯ˉ‒‒¯‐– –‑‒‑ ‑–‑‒ˉ –ˉ‐–ˉ ‐‒–‐‒––‑ ˉ––¯¯– ¯‑‑–– –‑‒¯‑‑‐ –‒‒‒‒

”
